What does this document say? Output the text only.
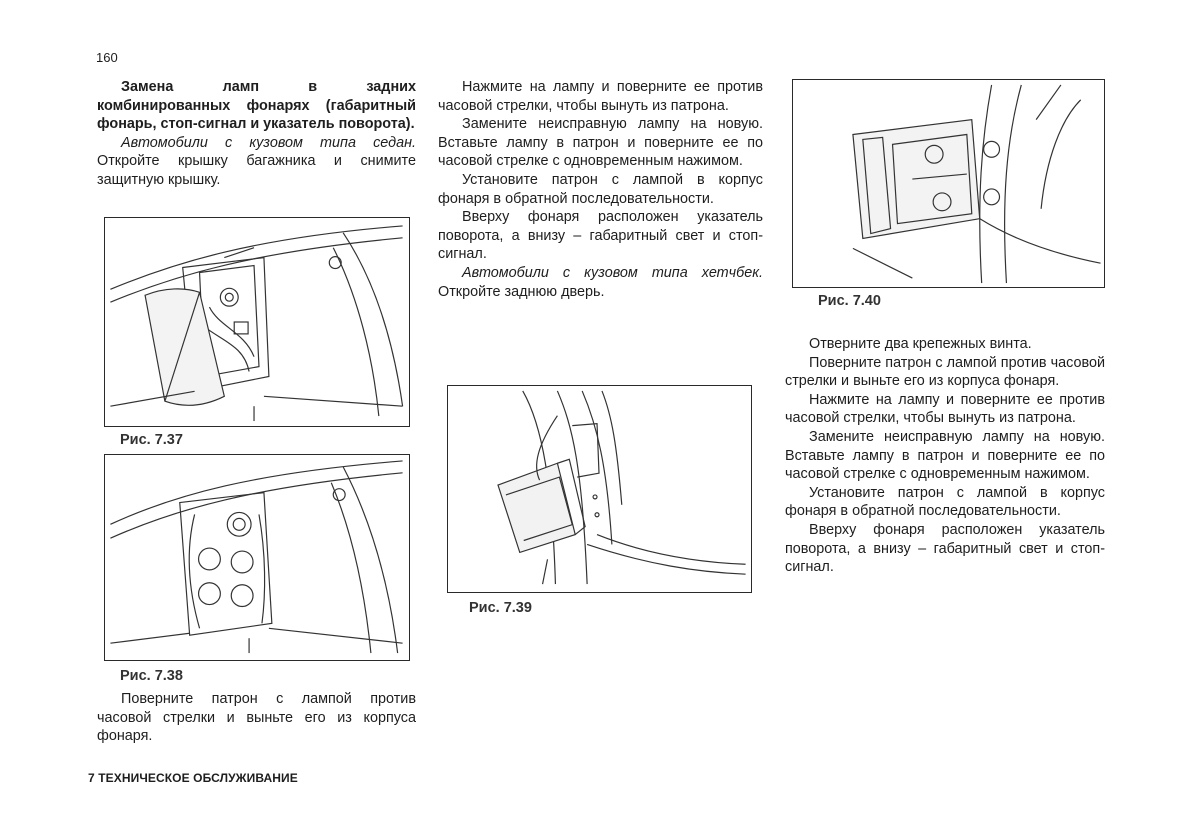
160

Замена ламп в задних комбинированных фонарях (габаритный фонарь, стоп-сигнал и указатель поворота).

Автомобили с кузовом типа седан. Откройте крышку багажника и снимите защитную крышку.

Рис. 7.37
Рис. 7.38

Поверните патрон с лампой против часовой стрелки и выньте его из корпуса фонаря.

Нажмите на лампу и поверните ее против часовой стрелки, чтобы вынуть из патрона.

Замените неисправную лампу на новую. Вставьте лампу в патрон и поверните ее по часовой стрелке с одновременным нажимом.

Установите патрон с лампой в корпус фонаря в обратной последовательности.

Вверху фонаря расположен указатель поворота, а внизу – габаритный свет и стоп-сигнал.

Автомобили с кузовом типа хетчбек. Откройте заднюю дверь.

Рис. 7.39
Рис. 7.40

Отверните два крепежных винта.

Поверните патрон с лампой против часовой стрелки и выньте его из корпуса фонаря.

Нажмите на лампу и поверните ее против часовой стрелки, чтобы вынуть из патрона.

Замените неисправную лампу на новую. Вставьте лампу в патрон и поверните ее по часовой стрелке с одновременным нажимом.

Установите патрон с лампой в корпус фонаря в обратной последовательности.

Вверху фонаря расположен указатель поворота, а внизу – габаритный свет и стоп-сигнал.

7 ТЕХНИЧЕСКОЕ ОБСЛУЖИВАНИЕ
